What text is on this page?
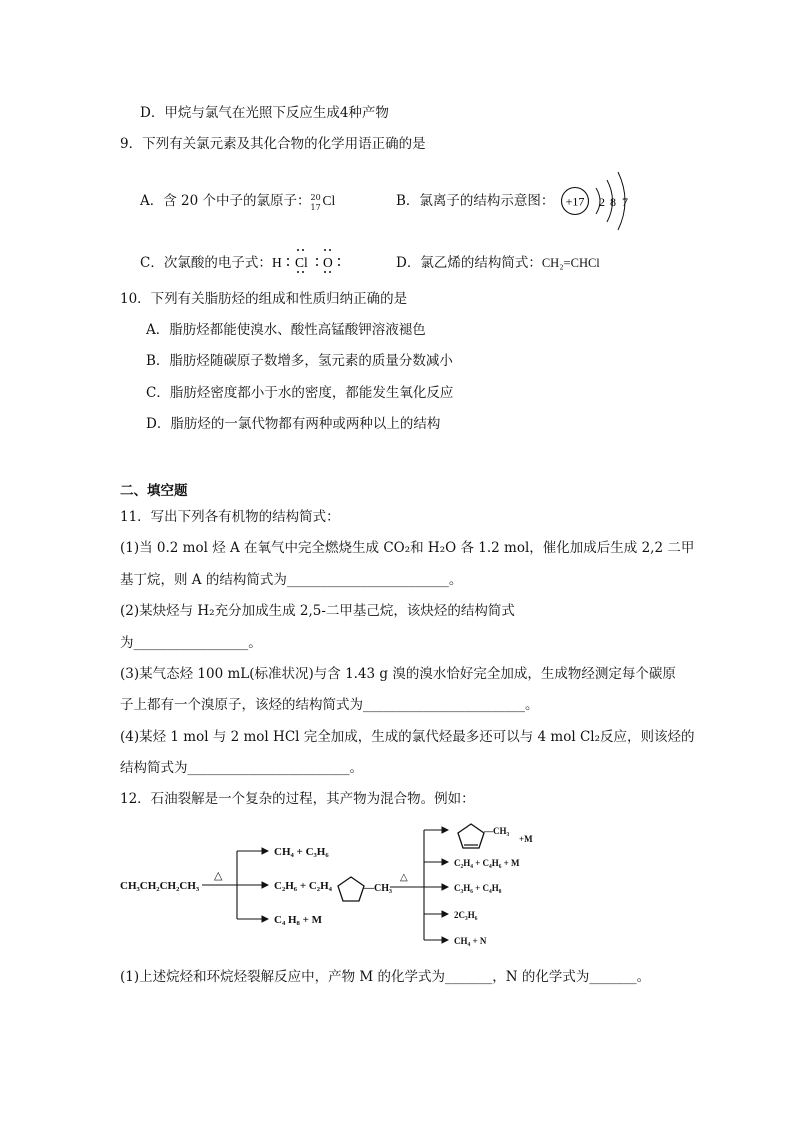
D．甲烷与氯气在光照下反应生成4种产物
9．下列有关氯元素及其化合物的化学用语正确的是
A．含 20 个中子的氯原子： 20
17 Cl	B．氯离子的结构示意图： +17 2 8 7
C．次氯酸的电子式： H Cl O	D．氯乙烯的结构简式：CH₂=CHCl
10．下列有关脂肪烃的组成和性质归纳正确的是
A．脂肪烃都能使溴水、酸性高锰酸钾溶液褪色
B．脂肪烃随碳原子数增多，氢元素的质量分数减小
C．脂肪烃密度都小于水的密度，都能发生氧化反应
D．脂肪烃的一氯代物都有两种或两种以上的结构
二、填空题
11．写出下列各有机物的结构简式：
(1)当 0.2 mol 烃 A 在氧气中完全燃烧生成 CO₂和 H₂O 各 1.2 mol，催化加成后生成 2,2 二甲
基丁烷，则 A 的结构简式为________________________。
(2)某炔烃与 H₂充分加成生成 2,5-二甲基己烷，该炔烃的结构简式
为_________________。
(3)某气态烃 100 mL(标准状况)与含 1.43 g 溴的溴水恰好完全加成，生成物经测定每个碳原
子上都有一个溴原子，该烃的结构简式为________________________。
(4)某烃 1 mol 与 2 mol HCl 完全加成，生成的氯代烃最多还可以与 4 mol Cl₂反应，则该烃的
结构简式为________________________。
12．石油裂解是一个复杂的过程，其产物为混合物。例如：
CH₃CH₂CH₂CH₃
△
CH₄ + C₃H₆
C₂H₆ + C₂H₄
C₄ H₈ + M
—CH₃
△
—CH₃
+M
C₂H₄ + C₄H₆ + M
C₃H₆ + C₄H₈
2C₃H₆
CH₄ + N
(1)上述烷烃和环烷烃裂解反应中，产物 M 的化学式为_______，N 的化学式为_______。
